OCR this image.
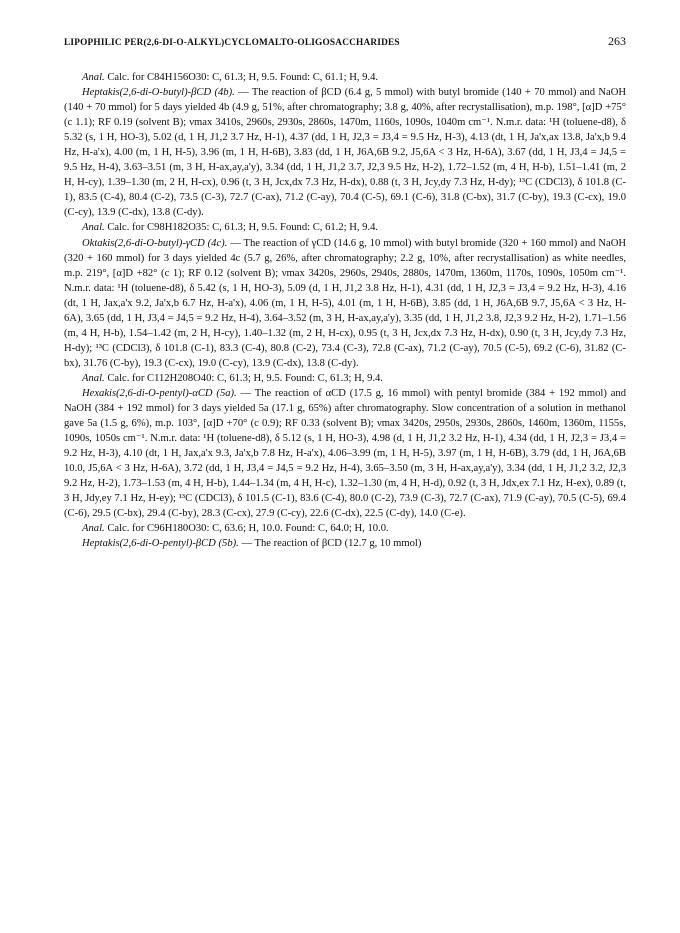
LIPOPHILIC PER(2,6-DI-O-ALKYL)CYCLOMALTO-OLIGOSACCHARIDES	263

Anal. Calc. for C84H156O30: C, 61.3; H, 9.5. Found: C, 61.1; H, 9.4.

Heptakis(2,6-di-O-butyl)-βCD (4b). — The reaction of βCD (6.4 g, 5 mmol) with butyl bromide (140 + 70 mmol) and NaOH (140 + 70 mmol) for 5 days yielded 4b (4.9 g, 51%, after chromatography; 3.8 g, 40%, after recrystallisation), m.p. 198°, [α]D +75° (c 1.1); RF 0.19 (solvent B); νmax 3410s, 2960s, 2930s, 2860s, 1470m, 1160s, 1090s, 1040m cm⁻¹. N.m.r. data: ¹H (toluene-d8), δ 5.32 (s, 1 H, HO-3), 5.02 (d, 1 H, J1,2 3.7 Hz, H-1), 4.37 (dd, 1 H, J2,3 = J3,4 = 9.5 Hz, H-3), 4.13 (dt, 1 H, Ja'x,ax 13.8, Ja'x,b 9.4 Hz, H-a'x), 4.00 (m, 1 H, H-5), 3.96 (m, 1 H, H-6B), 3.83 (dd, 1 H, J6A,6B 9.2, J5,6A < 3 Hz, H-6A), 3.67 (dd, 1 H, J3,4 = J4,5 = 9.5 Hz, H-4), 3.63–3.51 (m, 3 H, H-ax,ay,a'y), 3.34 (dd, 1 H, J1,2 3.7, J2,3 9.5 Hz, H-2), 1.72–1.52 (m, 4 H, H-b), 1.51–1.41 (m, 2 H, H-cy), 1.39–1.30 (m, 2 H, H-cx), 0.96 (t, 3 H, Jcx,dx 7.3 Hz, H-dx), 0.88 (t, 3 H, Jcy,dy 7.3 Hz, H-dy); ¹³C (CDCl3), δ 101.8 (C-1), 83.5 (C-4), 80.4 (C-2), 73.5 (C-3), 72.7 (C-ax), 71.2 (C-ay), 70.4 (C-5), 69.1 (C-6), 31.8 (C-bx), 31.7 (C-by), 19.3 (C-cx), 19.0 (C-cy), 13.9 (C-dx), 13.8 (C-dy).

Anal. Calc. for C98H182O35: C, 61.3; H, 9.5. Found: C, 61.2; H, 9.4.

Oktakis(2,6-di-O-butyl)-γCD (4c). — The reaction of γCD (14.6 g, 10 mmol) with butyl bromide (320 + 160 mmol) and NaOH (320 + 160 mmol) for 3 days yielded 4c (5.7 g, 26%, after chromatography; 2.2 g, 10%, after recrystallisation) as white needles, m.p. 219°, [α]D +82° (c 1); RF 0.12 (solvent B); νmax 3420s, 2960s, 2940s, 2880s, 1470m, 1360m, 1170s, 1090s, 1050m cm⁻¹. N.m.r. data: ¹H (toluene-d8), δ 5.42 (s, 1 H, HO-3), 5.09 (d, 1 H, J1,2 3.8 Hz, H-1), 4.31 (dd, 1 H, J2,3 = J3,4 = 9.2 Hz, H-3), 4.16 (dt, 1 H, Jax,a'x 9.2, Ja'x,b 6.7 Hz, H-a'x), 4.06 (m, 1 H, H-5), 4.01 (m, 1 H, H-6B), 3.85 (dd, 1 H, J6A,6B 9.7, J5,6A < 3 Hz, H-6A), 3.65 (dd, 1 H, J3,4 = J4,5 = 9.2 Hz, H-4), 3.64–3.52 (m, 3 H, H-ax,ay,a'y), 3.35 (dd, 1 H, J1,2 3.8, J2,3 9.2 Hz, H-2), 1.71–1.56 (m, 4 H, H-b), 1.54–1.42 (m, 2 H, H-cy), 1.40–1.32 (m, 2 H, H-cx), 0.95 (t, 3 H, Jcx,dx 7.3 Hz, H-dx), 0.90 (t, 3 H, Jcy,dy 7.3 Hz, H-dy); ¹³C (CDCl3), δ 101.8 (C-1), 83.3 (C-4), 80.8 (C-2), 73.4 (C-3), 72.8 (C-ax), 71.2 (C-ay), 70.5 (C-5), 69.2 (C-6), 31.82 (C-bx), 31.76 (C-by), 19.3 (C-cx), 19.0 (C-cy), 13.9 (C-dx), 13.8 (C-dy).

Anal. Calc. for C112H208O40: C, 61.3; H, 9.5. Found: C, 61.3; H, 9.4.

Hexakis(2,6-di-O-pentyl)-αCD (5a). — The reaction of αCD (17.5 g, 16 mmol) with pentyl bromide (384 + 192 mmol) and NaOH (384 + 192 mmol) for 3 days yielded 5a (17.1 g, 65%) after chromatography. Slow concentration of a solution in methanol gave 5a (1.5 g, 6%), m.p. 103°, [α]D +70° (c 0.9); RF 0.33 (solvent B); νmax 3420s, 2950s, 2930s, 2860s, 1460m, 1360m, 1155s, 1090s, 1050s cm⁻¹. N.m.r. data: ¹H (toluene-d8), δ 5.12 (s, 1 H, HO-3), 4.98 (d, 1 H, J1,2 3.2 Hz, H-1), 4.34 (dd, 1 H, J2,3 = J3,4 = 9.2 Hz, H-3), 4.10 (dt, 1 H, Jax,a'x 9.3, Ja'x,b 7.8 Hz, H-a'x), 4.06–3.99 (m, 1 H, H-5), 3.97 (m, 1 H, H-6B), 3.79 (dd, 1 H, J6A,6B 10.0, J5,6A < 3 Hz, H-6A), 3.72 (dd, 1 H, J3,4 = J4,5 = 9.2 Hz, H-4), 3.65–3.50 (m, 3 H, H-ax,ay,a'y), 3.34 (dd, 1 H, J1,2 3.2, J2,3 9.2 Hz, H-2), 1.73–1.53 (m, 4 H, H-b), 1.44–1.34 (m, 4 H, H-c), 1.32–1.30 (m, 4 H, H-d), 0.92 (t, 3 H, Jdx,ex 7.1 Hz, H-ex), 0.89 (t, 3 H, Jdy,ey 7.1 Hz, H-ey); ¹³C (CDCl3), δ 101.5 (C-1), 83.6 (C-4), 80.0 (C-2), 73.9 (C-3), 72.7 (C-ax), 71.9 (C-ay), 70.5 (C-5), 69.4 (C-6), 29.5 (C-bx), 29.4 (C-by), 28.3 (C-cx), 27.9 (C-cy), 22.6 (C-dx), 22.5 (C-dy), 14.0 (C-e).

Anal. Calc. for C96H180O30: C, 63.6; H, 10.0. Found: C, 64.0; H, 10.0.

Heptakis(2,6-di-O-pentyl)-βCD (5b). — The reaction of βCD (12.7 g, 10 mmol)
